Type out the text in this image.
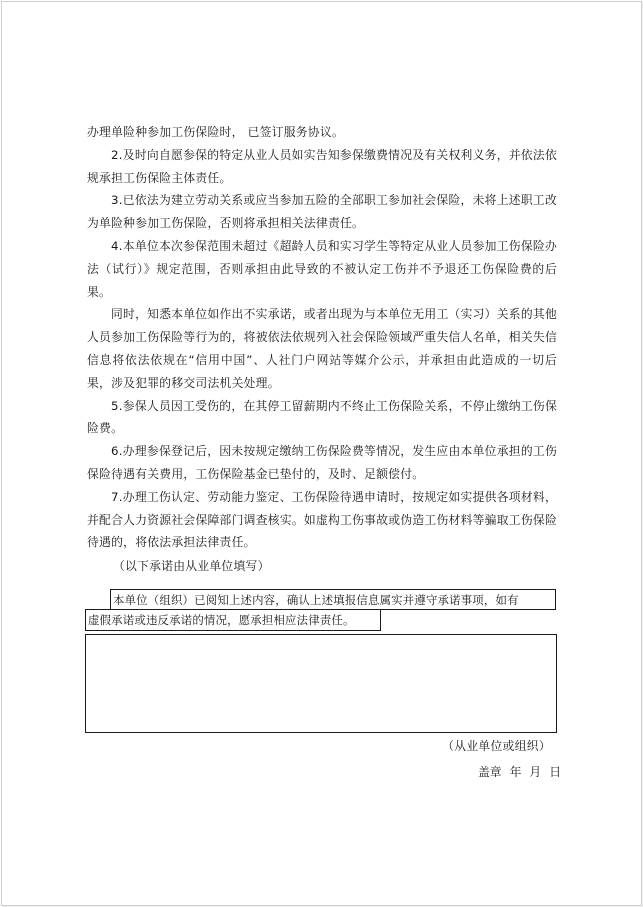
办理单险种参加工伤保险时， 已签订服务协议。

2.及时向自愿参保的特定从业人员如实告知参保缴费情况及有关权利义务，并依法依规承担工伤保险主体责任。

3.已依法为建立劳动关系或应当参加五险的全部职工参加社会保险，未将上述职工改为单险种参加工伤保险，否则将承担相关法律责任。

4.本单位本次参保范围未超过《超龄人员和实习学生等特定从业人员参加工伤保险办法（试行）》规定范围，否则承担由此导致的不被认定工伤并不予退还工伤保险费的后果。

同时，知悉本单位如作出不实承诺，或者出现为与本单位无用工（实习）关系的其他人员参加工伤保险等行为的，将被依法依规列入社会保险领域严重失信人名单，相关失信信息将依法依规在“信用中国”、人社门户网站等媒介公示，并承担由此造成的一切后果，涉及犯罪的移交司法机关处理。

5.参保人员因工受伤的，在其停工留薪期内不终止工伤保险关系，不停止缴纳工伤保险费。

6.办理参保登记后，因未按规定缴纳工伤保险费等情况，发生应由本单位承担的工伤保险待遇有关费用，工伤保险基金已垫付的，及时、足额偿付。

7.办理工伤认定、劳动能力鉴定、工伤保险待遇申请时，按规定如实提供各项材料，并配合人力资源社会保障部门调查核实。如虚构工伤事故或伪造工伤材料等骗取工伤保险待遇的，将依法承担法律责任。

（以下承诺由从业单位填写）

本单位（组织）已阅知上述内容，确认上述填报信息属实并遵守承诺事项，如有
虚假承诺或违反承诺的情况，愿承担相应法律责任。
（从业单位或组织）
盖章 年 月 日
